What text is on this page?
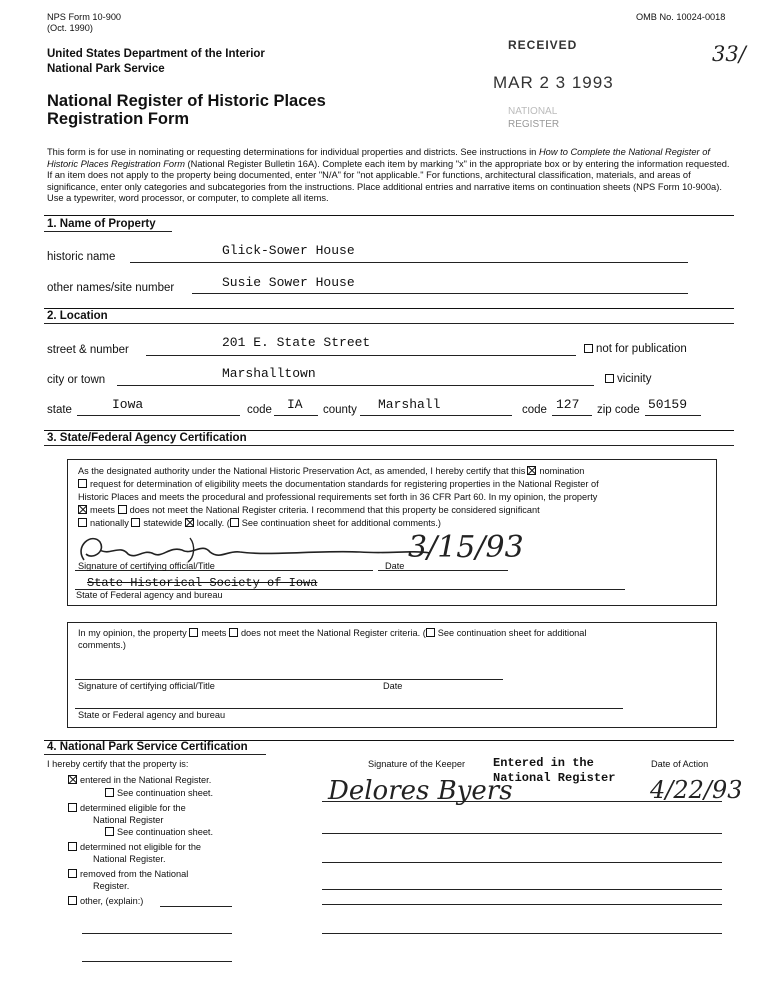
NPS Form 10-900
(Oct. 1990)
OMB No. 10024-0018
United States Department of the Interior
National Park Service
National Register of Historic Places
Registration Form
RECEIVED
MAR 2 3 1993
NATIONAL
REGISTER
33/
This form is for use in nominating or requesting determinations for individual properties and districts. See instructions in How to Complete the National Register of Historic Places Registration Form (National Register Bulletin 16A). Complete each item by marking "x" in the appropriate box or by entering the information requested. If an item does not apply to the property being documented, enter "N/A" for "not applicable." For functions, architectural classification, materials, and areas of significance, enter only categories and subcategories from the instructions. Place additional entries and narrative items on continuation sheets (NPS Form 10-900a). Use a typewriter, word processor, or computer, to complete all items.
1. Name of Property
historic name	Glick-Sower House
other names/site number	Susie Sower House
2. Location
street & number	201 E. State Street	not for publication
city or town	Marshalltown	vicinity
state	Iowa	code IA county Marshall	code 127 zip code 50159
3. State/Federal Agency Certification
As the designated authority under the National Historic Preservation Act, as amended, I hereby certify that this nomination
request for determination of eligibility meets the documentation standards for registering properties in the National Register of
Historic Places and meets the procedural and professional requirements set forth in 36 CFR Part 60. In my opinion, the property
meets does not meet the National Register criteria. I recommend that this property be considered significant
nationally statewide locally. ( See continuation sheet for additional comments.)
3/15/93
Signature of certifying official/Title	Date
State Historical Society of Iowa
State of Federal agency and bureau
In my opinion, the property meets does not meet the National Register criteria. ( See continuation sheet for additional
comments.)
Signature of certifying official/Title	Date
State or Federal agency and bureau
4. National Park Service Certification
I hereby certify that the property is:	Signature of the Keeper	Date of Action
Entered in the
National Register
Delores Byers	4/22/93
entered in the National Register.
See continuation sheet.
determined eligible for the
National Register
See continuation sheet.
determined not eligible for the
National Register.
removed from the National
Register.
other, (explain:)
